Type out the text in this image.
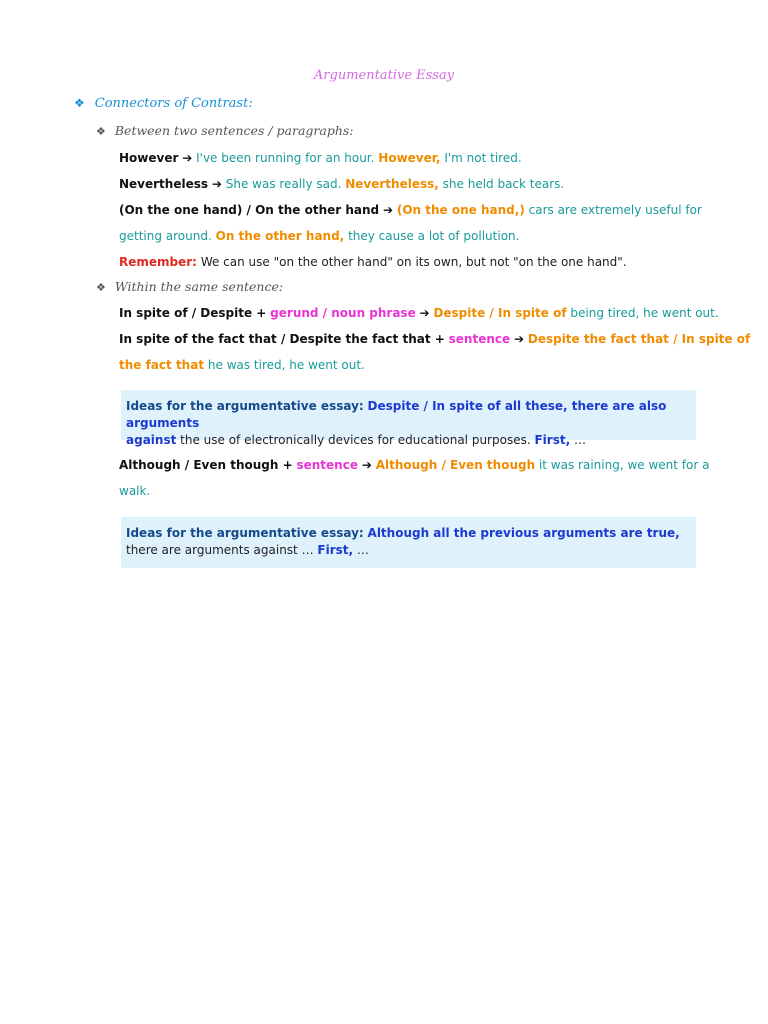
Argumentative Essay
❖ Connectors of Contrast:
❖ Between two sentences / paragraphs:
However ➔ I've been running for an hour. However, I'm not tired.
Nevertheless ➔ She was really sad. Nevertheless, she held back tears.
(On the one hand) / On the other hand ➔ (On the one hand,) cars are extremely useful for
getting around. On the other hand, they cause a lot of pollution.
Remember: We can use "on the other hand" on its own, but not "on the one hand".
❖ Within the same sentence:
In spite of / Despite + gerund / noun phrase ➔ Despite / In spite of being tired, he went out.
In spite of the fact that / Despite the fact that + sentence ➔ Despite the fact that / In spite of
the fact that he was tired, he went out.
Ideas for the argumentative essay: Despite / In spite of all these, there are also arguments
against the use of electronically devices for educational purposes. First, …
Although / Even though + sentence ➔ Although / Even though it was raining, we went for a
walk.
Ideas for the argumentative essay: Although all the previous arguments are true,
there are arguments against … First, …
